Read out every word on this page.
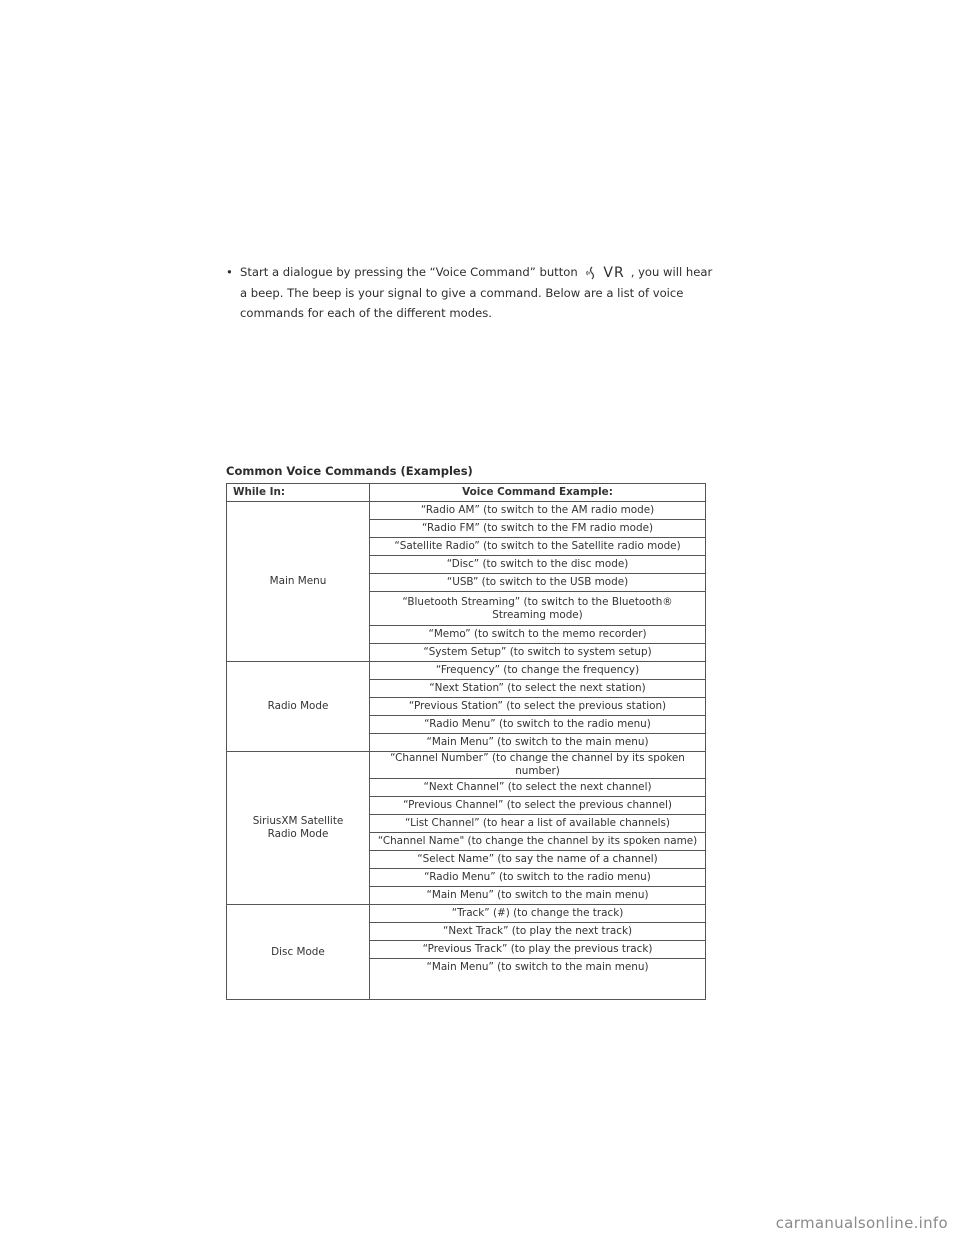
• Start a dialogue by pressing the “Voice Command” button VR , you will hear a beep. The beep is your signal to give a command. Below are a list of voice commands for each of the different modes.
Common Voice Commands (Examples)
While In:	Voice Command Example:
Main Menu	“Radio AM” (to switch to the AM radio mode)
	“Radio FM” (to switch to the FM radio mode)
	“Satellite Radio” (to switch to the Satellite radio mode)
	“Disc” (to switch to the disc mode)
	“USB” (to switch to the USB mode)
	“Bluetooth Streaming” (to switch to the Bluetooth® Streaming mode)
	“Memo” (to switch to the memo recorder)
	“System Setup” (to switch to system setup)
Radio Mode	“Frequency” (to change the frequency)
	“Next Station” (to select the next station)
	“Previous Station” (to select the previous station)
	“Radio Menu” (to switch to the radio menu)
	“Main Menu” (to switch to the main menu)
SiriusXM Satellite Radio Mode	“Channel Number” (to change the channel by its spoken number)
	“Next Channel” (to select the next channel)
	“Previous Channel” (to select the previous channel)
	“List Channel” (to hear a list of available channels)
	“Channel Name" (to change the channel by its spoken name)
	“Select Name” (to say the name of a channel)
	“Radio Menu” (to switch to the radio menu)
	“Main Menu” (to switch to the main menu)
Disc Mode	“Track” (#) (to change the track)
	“Next Track” (to play the next track)
	“Previous Track” (to play the previous track)
	“Main Menu” (to switch to the main menu)
carmanualsonline.info
